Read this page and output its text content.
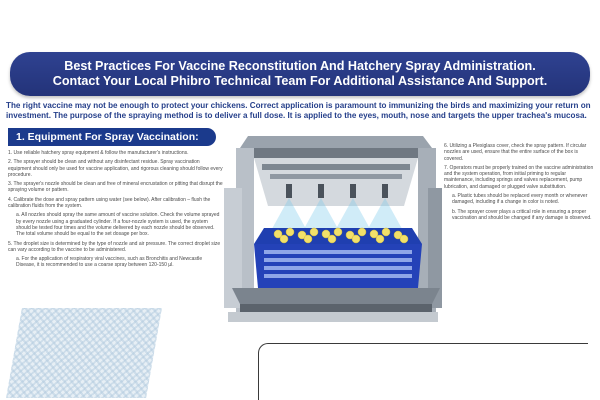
Best Practices For Vaccine Reconstitution And Hatchery Spray Administration.
Contact Your Local Phibro Technical Team For Additional Assistance And Support.
The right vaccine may not be enough to protect your chickens. Correct application is paramount to immunizing the birds and maximizing your return on investment. The purpose of the spraying method is to deliver a full dose. It is applied to the eyes, mouth, nose and targets the upper trachea's mucosa.
1. Equipment For Spray Vaccination:

1. Use reliable hatchery spray equipment & follow the manufacturer's instructions.

2. The sprayer should be clean and without any disinfectant residue. Spray vaccination equipment should only be used for vaccine application, and rigorous cleaning should follow every procedure.

3. The sprayer's nozzle should be clean and free of mineral encrustation or pitting that disrupt the spraying volume or pattern.

4. Calibrate the dose and spray pattern using water (see below). After calibration – flush the calibration fluids from the system.

a. All nozzles should spray the same amount of vaccine solution. Check the volume sprayed by every nozzle using a graduated cylinder. If a four-nozzle system is used, the system should be tested four times and the volume delivered by each nozzle should be observed. The total volume should be equal to the set dosage per box.

5. The droplet size is determined by the type of nozzle and air pressure. The correct droplet size can vary according to the vaccine to be administered.

a. For the application of respiratory viral vaccines, such as Bronchitis and Newcastle Disease, it is recommended to use a coarse spray between 120-150 µl.

6. Utilizing a Plexiglass cover, check the spray pattern. If circular nozzles are used, ensure that the entire surface of the box is covered.

7. Operators must be properly trained on the vaccine administration and the system operation, from initial priming to regular maintenance, including springs and valves replacement, pump lubrication, and damaged or plugged valve substitution.

a. Plastic tubes should be replaced every month or whenever damaged, including if a change in color is noted.

b. The sprayer cover plays a critical role in ensuring a proper vaccination and should be changed if any damage is observed.
